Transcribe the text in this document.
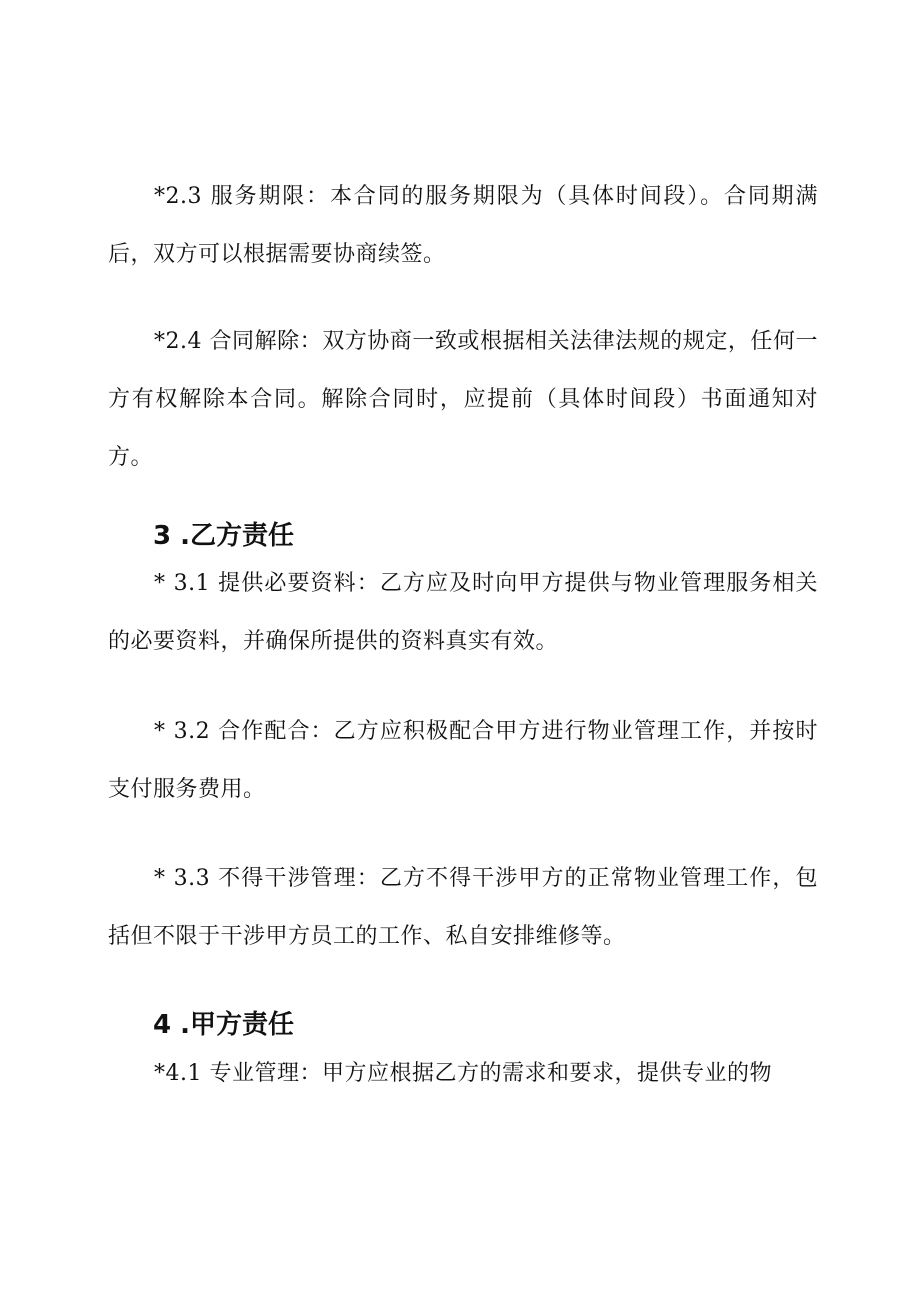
*2.3 服务期限：本合同的服务期限为（具体时间段）。合同期满后，双方可以根据需要协商续签。

*2.4 合同解除：双方协商一致或根据相关法律法规的规定，任何一方有权解除本合同。解除合同时，应提前（具体时间段）书面通知对方。

3 .乙方责任

* 3.1 提供必要资料：乙方应及时向甲方提供与物业管理服务相关的必要资料，并确保所提供的资料真实有效。

* 3.2 合作配合：乙方应积极配合甲方进行物业管理工作，并按时支付服务费用。

* 3.3 不得干涉管理：乙方不得干涉甲方的正常物业管理工作，包括但不限于干涉甲方员工的工作、私自安排维修等。

4 .甲方责任

*4.1 专业管理：甲方应根据乙方的需求和要求，提供专业的物
